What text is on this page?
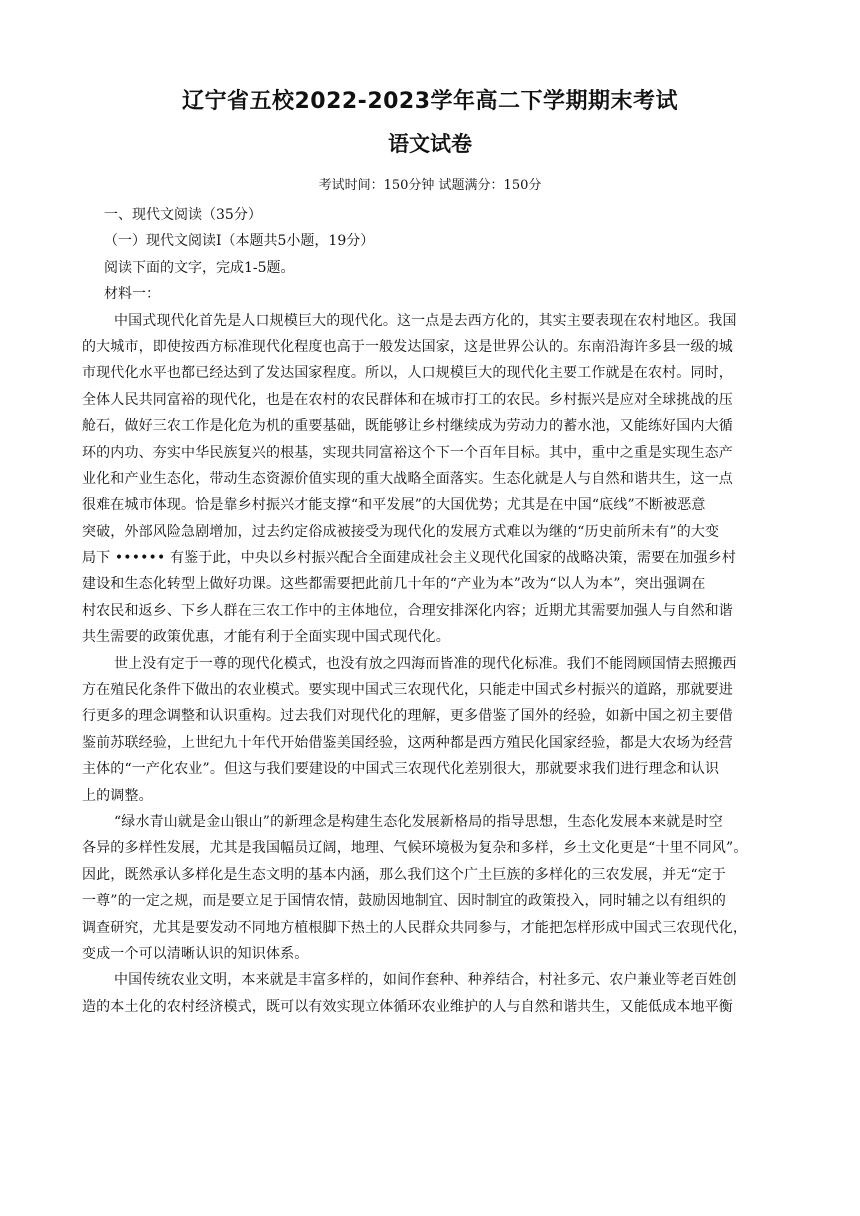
辽宁省五校2022-2023学年高二下学期期末考试
语文试卷
考试时间：150分钟 试题满分：150分
一、现代文阅读（35分）
（一）现代文阅读I（本题共5小题，19分）
阅读下面的文字，完成1-5题。
材料一：
中国式现代化首先是人口规模巨大的现代化。这一点是去西方化的，其实主要表现在农村地区。我国
的大城市，即使按西方标准现代化程度也高于一般发达国家，这是世界公认的。东南沿海许多县一级的城
市现代化水平也都已经达到了发达国家程度。所以，人口规模巨大的现代化主要工作就是在农村。同时，
全体人民共同富裕的现代化，也是在农村的农民群体和在城市打工的农民。乡村振兴是应对全球挑战的压
舱石，做好三农工作是化危为机的重要基础，既能够让乡村继续成为劳动力的蓄水池，又能练好国内大循
环的内功、夯实中华民族复兴的根基，实现共同富裕这个下一个百年目标。其中，重中之重是实现生态产
业化和产业生态化，带动生态资源价值实现的重大战略全面落实。生态化就是人与自然和谐共生，这一点
很难在城市体现。恰是靠乡村振兴才能支撑“和平发展”的大国优势；尤其是在中国“底线”不断被恶意
突破，外部风险急剧增加，过去约定俗成被接受为现代化的发展方式难以为继的“历史前所未有”的大变
局下 •••••• 有鉴于此，中央以乡村振兴配合全面建成社会主义现代化国家的战略决策，需要在加强乡村
建设和生态化转型上做好功课。这些都需要把此前几十年的“产业为本”改为“以人为本”，突出强调在
村农民和返乡、下乡人群在三农工作中的主体地位，合理安排深化内容；近期尤其需要加强人与自然和谐
共生需要的政策优惠，才能有利于全面实现中国式现代化。
世上没有定于一尊的现代化模式，也没有放之四海而皆准的现代化标准。我们不能罔顾国情去照搬西
方在殖民化条件下做出的农业模式。要实现中国式三农现代化，只能走中国式乡村振兴的道路，那就要进
行更多的理念调整和认识重构。过去我们对现代化的理解，更多借鉴了国外的经验，如新中国之初主要借
鉴前苏联经验，上世纪九十年代开始借鉴美国经验，这两种都是西方殖民化国家经验，都是大农场为经营
主体的“一产化农业”。但这与我们要建设的中国式三农现代化差别很大，那就要求我们进行理念和认识
上的调整。
“绿水青山就是金山银山”的新理念是构建生态化发展新格局的指导思想，生态化发展本来就是时空
各异的多样性发展，尤其是我国幅员辽阔，地理、气候环境极为复杂和多样，乡土文化更是“十里不同风”。
因此，既然承认多样化是生态文明的基本内涵，那么我们这个广土巨族的多样化的三农发展，并无“定于
一尊”的一定之规，而是要立足于国情农情，鼓励因地制宜、因时制宜的政策投入，同时辅之以有组织的
调查研究，尤其是要发动不同地方植根脚下热土的人民群众共同参与，才能把怎样形成中国式三农现代化，
变成一个可以清晰认识的知识体系。
中国传统农业文明，本来就是丰富多样的，如间作套种、种养结合，村社多元、农户兼业等老百姓创
造的本土化的农村经济模式，既可以有效实现立体循环农业维护的人与自然和谐共生，又能低成本地平衡
